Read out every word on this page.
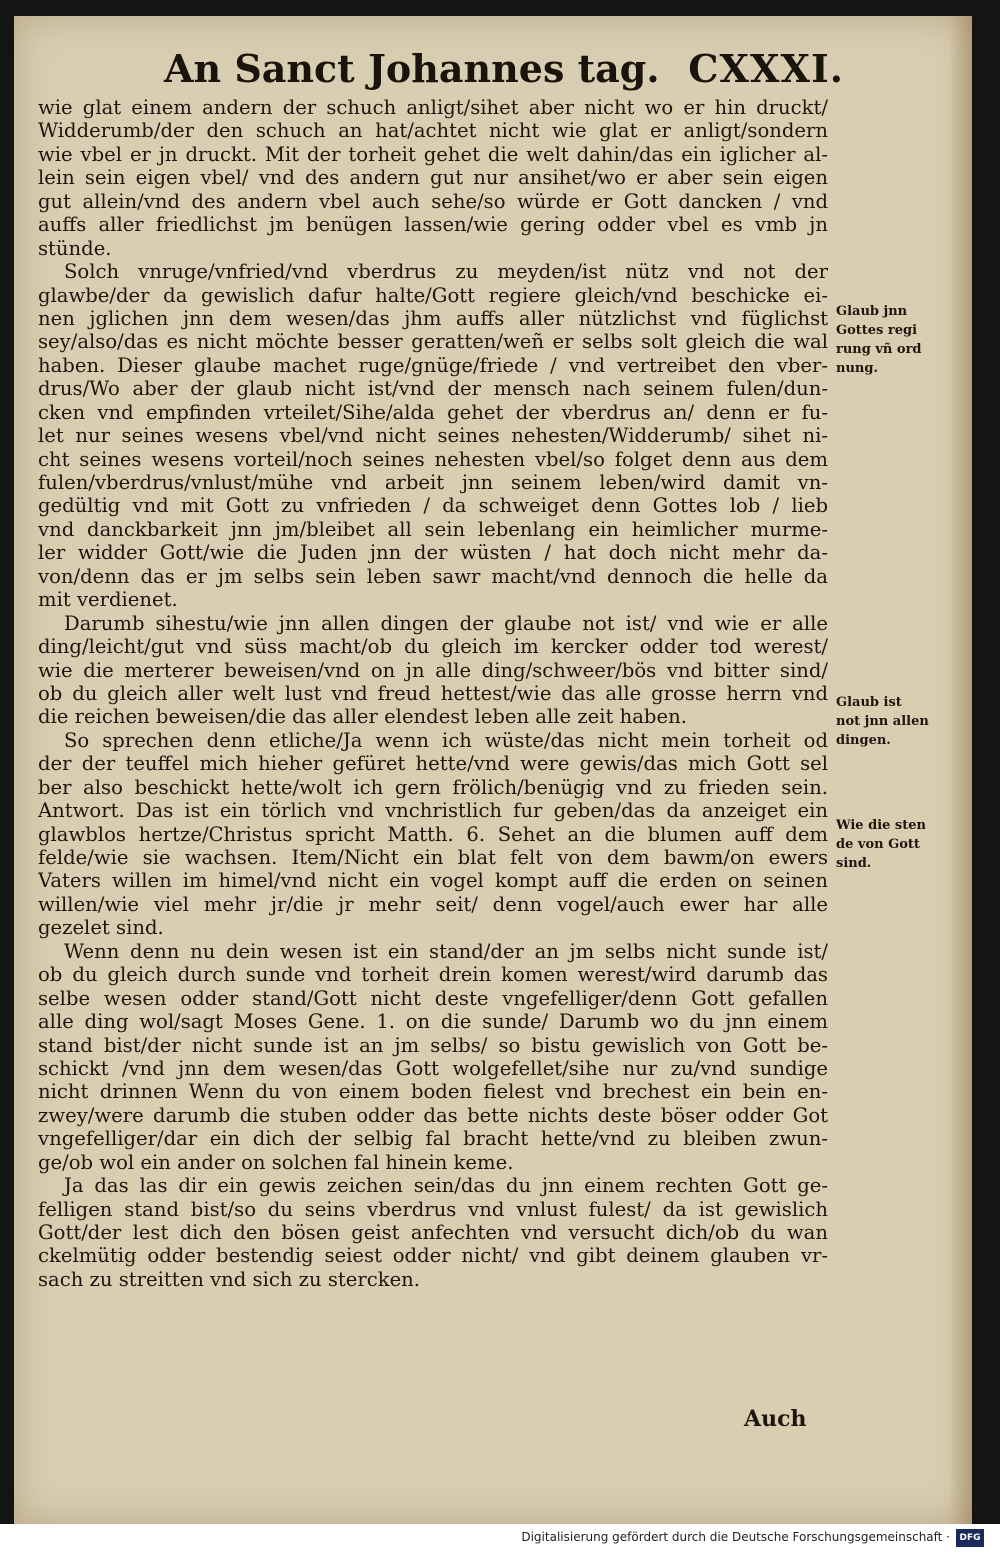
An Sanct Johannes tag. CXXXI.
wie glat einem andern der schuch anligt/sihet aber nicht wo er hin druckt/
Widderumb/der den schuch an hat/achtet nicht wie glat er anligt/sondern
wie vbel er jn druckt. Mit der torheit gehet die welt dahin/das ein iglicher al-
lein sein eigen vbel/ vnd des andern gut nur ansihet/wo er aber sein eigen
gut allein/vnd des andern vbel auch sehe/so würde er Gott dancken / vnd
auffs aller friedlichst jm benügen lassen/wie gering odder vbel es vmb jn
stünde.
Solch vnruge/vnfried/vnd vberdrus zu meyden/ist nütz vnd not der
glawbe/der da gewislich dafur halte/Gott regiere gleich/vnd beschicke ei-
nen jglichen jnn dem wesen/das jhm auffs aller nützlichst vnd füglichst
sey/also/das es nicht möchte besser geratten/weñ er selbs solt gleich die wal
haben. Dieser glaube machet ruge/gnüge/friede / vnd vertreibet den vber-
drus/Wo aber der glaub nicht ist/vnd der mensch nach seinem fulen/dun-
cken vnd empfinden vrteilet/Sihe/alda gehet der vberdrus an/ denn er fu-
let nur seines wesens vbel/vnd nicht seines nehesten/Widderumb/ sihet ni-
cht seines wesens vorteil/noch seines nehesten vbel/so folget denn aus dem
fulen/vberdrus/vnlust/mühe vnd arbeit jnn seinem leben/wird damit vn-
gedültig vnd mit Gott zu vnfrieden / da schweiget denn Gottes lob / lieb
vnd danckbarkeit jnn jm/bleibet all sein lebenlang ein heimlicher murme-
ler widder Gott/wie die Juden jnn der wüsten / hat doch nicht mehr da-
von/denn das er jm selbs sein leben sawr macht/vnd dennoch die helle da
mit verdienet.
Darumb sihestu/wie jnn allen dingen der glaube not ist/ vnd wie er alle
ding/leicht/gut vnd süss macht/ob du gleich im kercker odder tod werest/
wie die merterer beweisen/vnd on jn alle ding/schweer/bös vnd bitter sind/
ob du gleich aller welt lust vnd freud hettest/wie das alle grosse herrn vnd
die reichen beweisen/die das aller elendest leben alle zeit haben.
So sprechen denn etliche/Ja wenn ich wüste/das nicht mein torheit od
der der teuffel mich hieher gefüret hette/vnd were gewis/das mich Gott sel
ber also beschickt hette/wolt ich gern frölich/benügig vnd zu frieden sein.
Antwort. Das ist ein törlich vnd vnchristlich fur geben/das da anzeiget ein
glawblos hertze/Christus spricht Matth. 6. Sehet an die blumen auff dem
felde/wie sie wachsen. Item/Nicht ein blat felt von dem bawm/on ewers
Vaters willen im himel/vnd nicht ein vogel kompt auff die erden on seinen
willen/wie viel mehr jr/die jr mehr seit/ denn vogel/auch ewer har alle
gezelet sind.
Wenn denn nu dein wesen ist ein stand/der an jm selbs nicht sunde ist/
ob du gleich durch sunde vnd torheit drein komen werest/wird darumb das
selbe wesen odder stand/Gott nicht deste vngefelliger/denn Gott gefallen
alle ding wol/sagt Moses Gene. 1. on die sunde/ Darumb wo du jnn einem
stand bist/der nicht sunde ist an jm selbs/ so bistu gewislich von Gott be-
schickt /vnd jnn dem wesen/das Gott wolgefellet/sihe nur zu/vnd sundige
nicht drinnen Wenn du von einem boden fielest vnd brechest ein bein en-
zwey/were darumb die stuben odder das bette nichts deste böser odder Got
vngefelliger/dar ein dich der selbig fal bracht hette/vnd zu bleiben zwun-
ge/ob wol ein ander on solchen fal hinein keme.
Ja das las dir ein gewis zeichen sein/das du jnn einem rechten Gott ge-
felligen stand bist/so du seins vberdrus vnd vnlust fulest/ da ist gewislich
Gott/der lest dich den bösen geist anfechten vnd versucht dich/ob du wan
ckelmütig odder bestendig seiest odder nicht/ vnd gibt deinem glauben vr-
sach zu streitten vnd sich zu stercken.
Glaub jnn
Gottes regi
rung vñ ord
nung.
Glaub ist
not jnn allen
dingen.
Wie die sten
de von Gott
sind.
Auch
Digitalisierung gefördert durch die Deutsche Forschungsgemeinschaft ·	DFG
